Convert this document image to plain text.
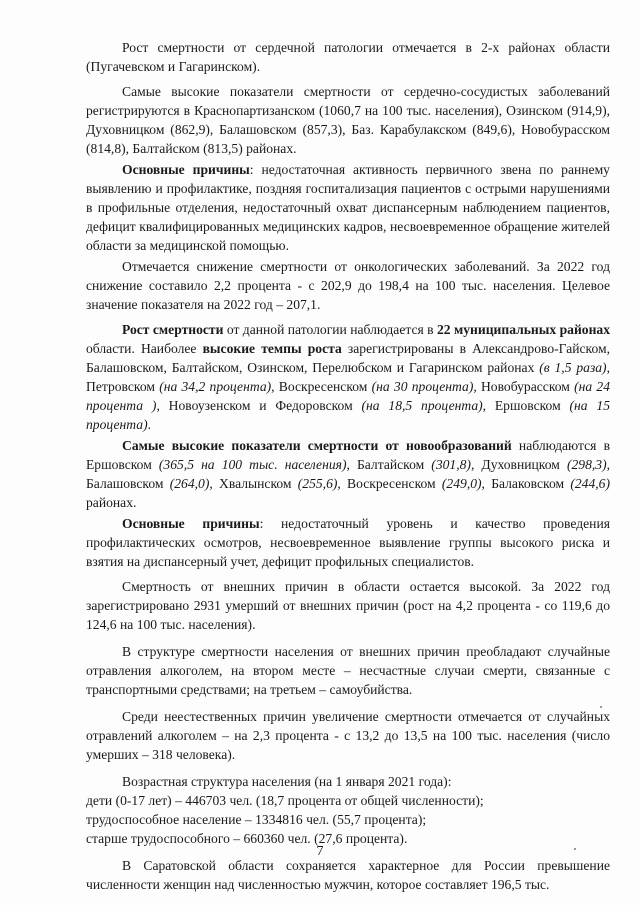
Рост смертности от сердечной патологии отмечается в 2-х районах области (Пугачевском и Гагаринском).

Самые высокие показатели смертности от сердечно-сосудистых заболеваний регистрируются в Краснопартизанском (1060,7 на 100 тыс. населения), Озинском (914,9), Духовницком (862,9), Балашовском (857,3), Баз. Карабулакском (849,6), Новобурасском (814,8), Балтайском (813,5) районах.

Основные причины: недостаточная активность первичного звена по раннему выявлению и профилактике, поздняя госпитализация пациентов с острыми нарушениями в профильные отделения, недостаточный охват диспансерным наблюдением пациентов, дефицит квалифицированных медицинских кадров, несвоевременное обращение жителей области за медицинской помощью.

Отмечается снижение смертности от онкологических заболеваний. За 2022 год снижение составило 2,2 процента - с 202,9 до 198,4 на 100 тыс. населения. Целевое значение показателя на 2022 год – 207,1.

Рост смертности от данной патологии наблюдается в 22 муниципальных районах области. Наиболее высокие темпы роста зарегистрированы в Александрово-Гайском, Балашовском, Балтайском, Озинском, Перелюбском и Гагаринском районах (в 1,5 раза), Петровском (на 34,2 процента), Воскресенском (на 30 процента), Новобурасском (на 24 процента ), Новоузенском и Федоровском (на 18,5 процента), Ершовском (на 15 процента).

Самые высокие показатели смертности от новообразований наблюдаются в Ершовском (365,5 на 100 тыс. населения), Балтайском (301,8), Духовницком (298,3), Балашовском (264,0), Хвалынском (255,6), Воскресенском (249,0), Балаковском (244,6) районах.

Основные причины: недостаточный уровень и качество проведения профилактических осмотров, несвоевременное выявление группы высокого риска и взятия на диспансерный учет, дефицит профильных специалистов.

Смертность от внешних причин в области остается высокой. За 2022 год зарегистрировано 2931 умерший от внешних причин (рост на 4,2 процента - со 119,6 до 124,6 на 100 тыс. населения).

В структуре смертности населения от внешних причин преобладают случайные отравления алкоголем, на втором месте – несчастные случаи смерти, связанные с транспортными средствами; на третьем – самоубийства.

Среди неестественных причин увеличение смертности отмечается от случайных отравлений алкоголем – на 2,3 процента - с 13,2 до 13,5 на 100 тыс. населения (число умерших – 318 человека).

Возрастная структура населения (на 1 января 2021 года):

дети (0-17 лет) – 446703 чел. (18,7 процента от общей численности);

трудоспособное население – 1334816 чел. (55,7 процента);

старше трудоспособного – 660360 чел. (27,6 процента).

В Саратовской области сохраняется характерное для России превышение численности женщин над численностью мужчин, которое составляет 196,5 тыс.

7
